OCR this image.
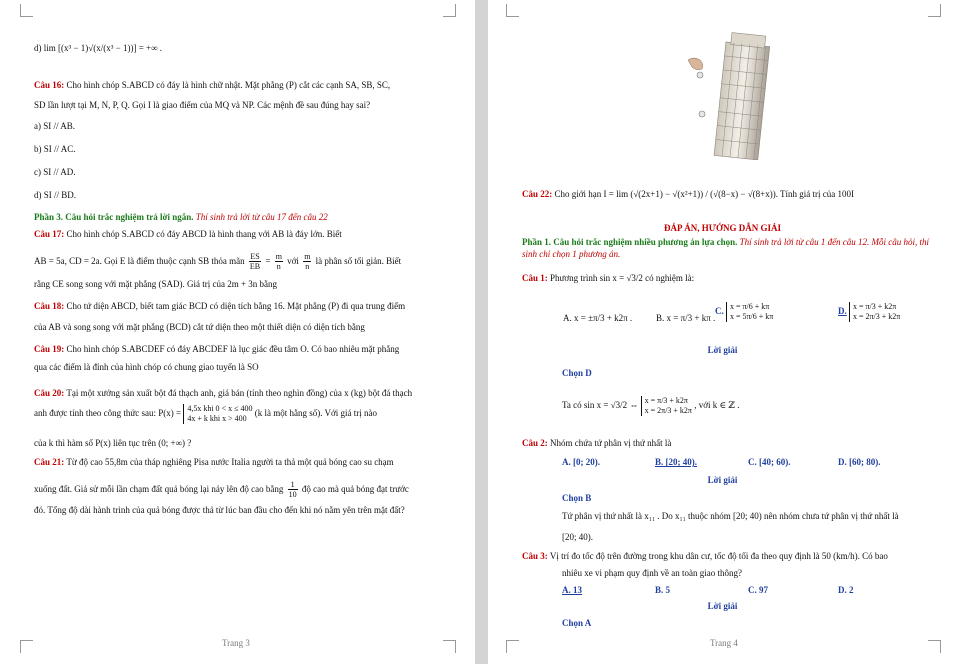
d) lim [(x³ − 1)√(x/(x³ − 1))] = +∞ .
Câu 16: Cho hình chóp S.ABCD có đáy là hình chữ nhật. Mặt phẳng (P) cắt các cạnh SA, SB, SC,
SD lần lượt tại M, N, P, Q. Gọi I là giao điểm của MQ và NP. Các mệnh đề sau đúng hay sai?
a) SI // AB.
b) SI // AC.
c) SI // AD.
d) SI // BD.
Phần 3. Câu hỏi trắc nghiệm trả lời ngắn. Thí sinh trả lời từ câu 17 đến câu 22
Câu 17: Cho hình chóp S.ABCD có đáy ABCD là hình thang với AB là đáy lớn. Biết
AB = 5a, CD = 2a. Gọi E là điểm thuộc cạnh SB thỏa mãn $\frac{ES}{EB} = \frac{m}{n}$ với $\frac{m}{n}$ là phân số tối giản. Biết
rằng CE song song với mặt phẳng (SAD). Giá trị của 2m + 3n bằng
Câu 18: Cho tứ diện ABCD, biết tam giác BCD có diện tích bằng 16. Mặt phẳng (P) đi qua trung điểm
của AB và song song với mặt phẳng (BCD) cắt tứ diện theo một thiết diện có diện tích bằng
Câu 19: Cho hình chóp S.ABCDEF có đáy ABCDEF là lục giác đều tâm O. Có bao nhiêu mặt phẳng
qua các điểm là đỉnh của hình chóp có chung giao tuyến là SO
Câu 20: Tại một xưởng sản xuất bột đá thạch anh, giá bán (tính theo nghìn đồng) của x (kg) bột đá thạch
anh được tính theo công thức sau: P(x) = 4,5x khi 0 < x ≤ 400
4x + k khi x > 400 (k là một hằng số). Với giá trị nào
của k thì hàm số P(x) liên tục trên (0; +∞) ?
Câu 21: Từ độ cao 55,8m của tháp nghiêng Pisa nước Italia người ta thả một quả bóng cao su chạm
xuống đất. Giả sử mỗi lần chạm đất quả bóng lại nảy lên độ cao bằng $\frac{1}{10}$ độ cao mà quả bóng đạt trước
đó. Tổng độ dài hành trình của quả bóng được thả từ lúc ban đầu cho đến khi nó nằm yên trên mặt đất?
Trang 3
Câu 22: Cho giới hạn I = lim (√(2x+1) − √(x²+1)) / (√(8−x) − √(8+x)). Tính giá trị của 100I
ĐÁP ÁN, HƯỚNG DẪN GIẢI
Phần 1. Câu hỏi trắc nghiệm nhiều phương án lựa chọn. Thí sinh trả lời từ câu 1 đến câu 12. Mỗi câu hỏi, thí sinh chỉ chọn 1 phương án.
Câu 1: Phương trình sin x = √3/2 có nghiệm là:
A. x = ±π/3 + k2π .	B. x = π/3 + kπ .
C. x = π/6 + kπ
x = 5π/6 + kπ
D. x = π/3 + k2π
x = 2π/3 + k2π
Lời giải
Chọn D
Ta có sin x = √3/2 ⇔ x = π/3 + k2π
x = 2π/3 + k2π , với k ∈ ℤ .
Câu 2: Nhóm chứa tứ phân vị thứ nhất là
A. [0; 20).	B. [20; 40).	C. [40; 60).	D. [60; 80).
Lời giải
Chọn B
Tứ phân vị thứ nhất là x₁₁ . Do x₁₁ thuộc nhóm [20; 40) nên nhóm chưa tứ phân vị thứ nhất là
[20; 40).
Câu 3: Vị trí đo tốc độ trên đường trong khu dân cư, tốc độ tối đa theo quy định là 50 (km/h). Có bao
nhiêu xe vi phạm quy định về an toàn giao thông?
A. 13	B. 5	C. 97	D. 2
Lời giải
Chọn A
Trang 4
